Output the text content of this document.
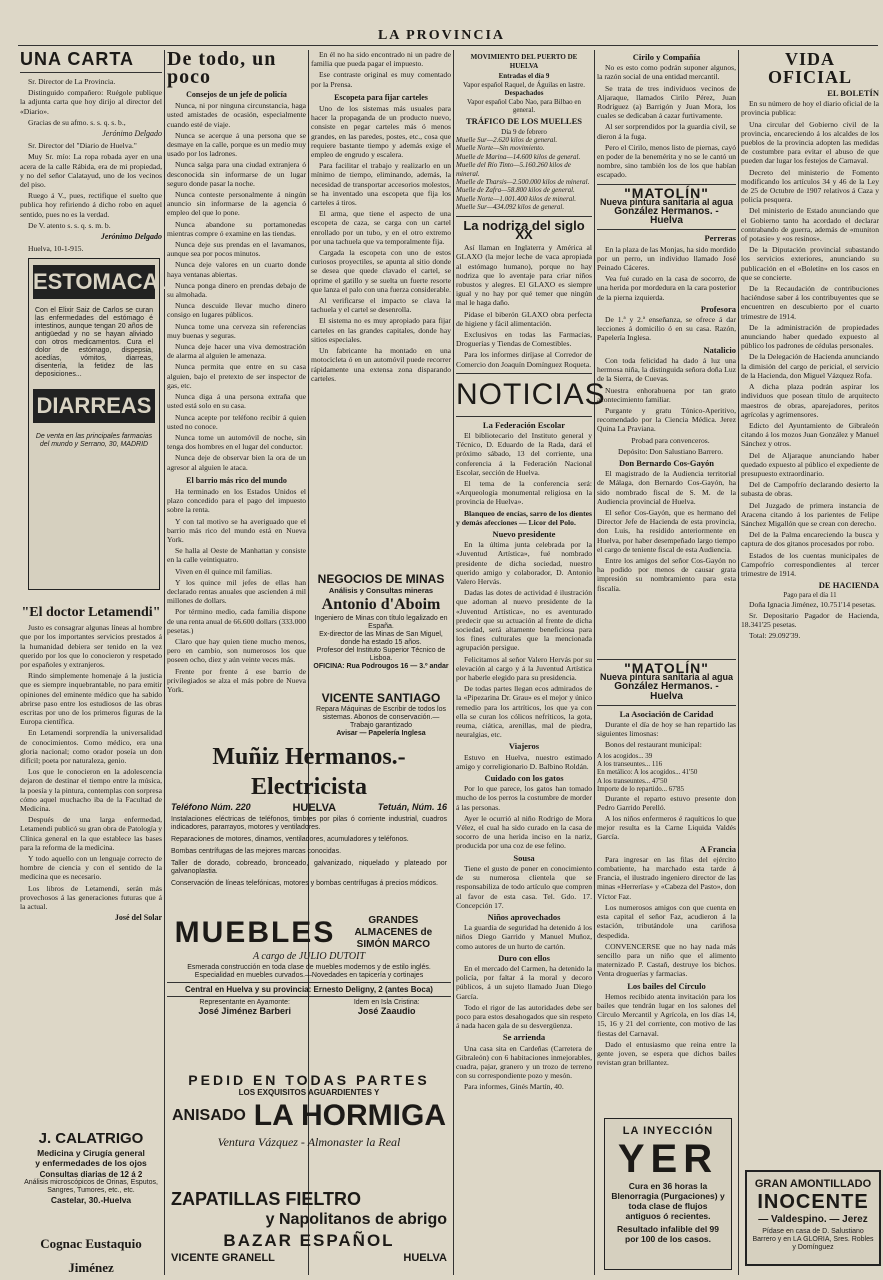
LA PROVINCIA
UNA CARTA

Sr. Director de La Provincia.

Distinguido compañero: Ruégole publique la adjunta carta que hoy dirijo al director del «Diario».

Gracias de su afmo. s. s. q. s. b.,

Jerónimo Delgado

Sr. Director del "Diario de Huelva."

Muy Sr. mío: La ropa robada ayer en una acera de la calle Rábida, era de mi propiedad, y no del señor Calatayud, uno de los vecinos del piso.

Ruego á V., pues, rectifique el suelto que publica hoy refiriendo á dicho robo en aquel sentido, pues no es la verdad.

De V. atento s. s. q. s. m. b.

Jerónimo Delgado

Huelva, 10-1-915.

ESTOMACAL
Con el Elixir Saiz de Carlos se curan las enfermedades del estómago é intestinos, aunque tengan 20 años de antigüedad y no se hayan aliviado con otros medicamentos. Cura el dolor de estómago, dispepsia, acedías, vómitos, diarreas, disentería, la fetidez de las deposiciones...
DIARREAS
De venta en las principales farmacias del mundo y Serrano, 30, MADRID
"El doctor Letamendi"

Justo es consagrar algunas líneas al hombre que por los importantes servicios prestados á la humanidad debiera ser tenido en la vez querido por los que lo conocieron y respetado por españoles y extranjeros.

Rindo simplemente homenaje á la justicia que es siempre inquebrantable, no para emitir opiniones del eminente médico que ha sabido abrirse paso entre los estudiosos de las obras escritas por uno de los primeros figuras de la Europa científica.

En Letamendi sorprendía la universalidad de conocimientos. Como médico, era una gloria nacional; como orador poseía un don difícil; poeta por naturaleza, genio.

Los que le conocieron en la adolescencia dejaron de destinar el tiempo entre la música, la poesía y la pintura, contemplas con sorpresa cómo aquel muchacho iba de la Facultad de Medicina.

Después de una larga enfermedad, Letamendi publicó su gran obra de Patología y Clínica general en la que establece las bases para la reforma de la medicina.

Y todo aquello con un lenguaje correcto de hombre de ciencia y con el sentido de la medicina que es necesario.

Los libros de Letamendi, serán más provechosos á las generaciones futuras que á la actual.

José del Solar
J. CALATRIGO
Medicina y Cirugía general
y enfermedades de los ojos
Consultas diarias de 12 á 2
Análisis microscópicos de Orinas, Esputos, Sangres, Tumores, etc., etc.
Castelar, 30.-Huelva
Cognac Eustaquio Jiménez
De todo, un poco
Consejos de un jefe de policía

Nunca, ni por ninguna circunstancia, haga usted amistades de ocasión, especialmente cuando esté de viaje.

Nunca se acerque á una persona que se desmaye en la calle, porque es un medio muy usado por los ladrones.

Nunca salga para una ciudad extranjera ó desconocida sin informarse de un lugar seguro donde pasar la noche.

Nunca conteste personalmente á ningún anuncio sin informarse de la agencia ó empleo del que lo pone.

Nunca abandone su portamonedas mientras compre ó examine en las tiendas.

Nunca deje sus prendas en el lavamanos, aunque sea por pocos minutos.

Nunca deje valores en un cuarto donde haya ventanas abiertas.

Nunca ponga dinero en prendas debajo de su almohada.

Nunca descuide llevar mucho dinero consigo en lugares públicos.

Nunca tome una cerveza sin referencias muy buenas y seguras.

Nunca deje hacer una viva demostración de alarma al alguien le amenaza.

Nunca permita que entre en su casa alguien, bajo el pretexto de ser inspector de gas, etc.

Nunca diga á una persona extraña que usted está solo en su casa.

Nunca acepte por teléfono recibir á quien usted no conoce.

Nunca tome un automóvil de noche, sin tenga dos hombres en el lugar del conductor.

Nunca deje de observar bien la ora de un agresor al alguien le ataca.

El barrio más rico del mundo

Ha terminado en los Estados Unidos el plazo concedido para el pago del impuesto sobre la renta.

Y con tal motivo se ha averiguado que el barrio más rico del mundo está en Nueva York.

Se halla al Oeste de Manhattan y consiste en la calle veintiquatro.

Viven en él quince mil familias.

Y los quince mil jefes de ellas han declarado rentas anuales que ascienden á mil millones de dollars.

Por término medio, cada familia dispone de una renta anual de 66.600 dollars (333.000 pesetas.)

Claro que hay quien tiene mucho menos, pero en cambio, son numerosos los que poseen ocho, diez y aún veinte veces más.

Frente por frente á ese barrio de privilegiados se alza el más pobre de Nueva York.

En él no ha sido encontrado ni un padre de familia que pueda pagar el impuesto.

Ese contraste original es muy comentado por la Prensa.

Escopeta para fijar carteles

Uno de los sistemas más usuales para hacer la propaganda de un producto nuevo, consiste en pegar carteles más ó menos grandes, en las paredes, postes, etc., cosa que requiere bastante tiempo y además exige el empleo de engrudo y escalera.

Para facilitar el trabajo y realizarlo en un mínimo de tiempo, eliminando, además, la necesidad de transportar accesorios molestos, se ha inventado una escopeta que fija los carteles á tiros.

El arma, que tiene el aspecto de una escopeta de caza, se carga con un cartel enrollado por un tubo, y en el otro extremo por una tachuela que va temporalmente fija.

Cargada la escopeta con uno de estos curiosos proyectiles, se apunta al sitio donde se desea que quede clavado el cartel, se oprime el gatillo y se suelta un fuerte resorte que lanza el palo con una fuerza considerable.

Al verificarse el impacto se clava la tachuela y el cartel se desenrolla.

El sistema no es muy apropiado para fijar carteles en las grandes capitales, donde hay sitios especiales.

Un fabricante ha montado en una motocicleta ó en un automóvil puede recorrer rápidamente una extensa zona disparando carteles.

NEGOCIOS DE MINAS
Análisis y Consultas mineras
Antonio d'Aboim
Ingeniero de Minas con título legalizado en España.
Ex-director de las Minas de San Miguel, donde ha estado 15 años.
Profesor del Instituto Superior Técnico de Lisboa.
OFICINA: Rua Podrougos 16 — 3.º andar
VICENTE SANTIAGO
Repara Máquinas de Escribir de todos los sistemas. Abonos de conservación.—Trabajo garantizado
Avisar — Papelería Inglesa
Muñiz Hermanos.-Electricista
Teléfono Núm. 220	HUELVA	Tetuán, Núm. 16
Instalaciones eléctricas de teléfonos, timbres por pilas ó corriente industrial, cuadros indicadores, pararrayos, motores y ventiladores.
Reparaciones de motores, dinamos, ventiladores, acumuladores y teléfonos.
Bombas centrífugas de las mejores marcas conocidas.
Taller de dorado, cobreado, bronceado, galvanizado, niquelado y plateado por galvanoplastia.
Conservación de líneas telefónicas, motores y bombas centrífugas á precios módicos.
MUEBLES	GRANDES ALMACENES de SIMÓN MARCO
A cargo de JULIO DUTOIT
Esmerada construcción en toda clase de muebles modernos y de estilo inglés. Especialidad en muebles curvados.—Novedades en tapicería y cortinajes
Central en Huelva y su provincia: Ernesto Deligny, 2 (antes Boca)
Representante en Ayamonte:
José Jiménez Barberi
Idem en Isla Cristina:
José Zaaudio
PEDID EN TODAS PARTES
LOS EXQUISITOS AGUARDIENTES Y
ANISADO LA HORMIGA
Ventura Vázquez - Almonaster la Real
ZAPATILLAS FIELTRO
y Napolitanos de abrigo
BAZAR ESPAÑOL
VICENTE GRANELL	HUELVA
MOVIMIENTO DEL PUERTO DE HUELVA
Entradas el día 9
Vapor español Raquel, de Águilas en lastre.
Despachados
Vapor español Cabo Nao, para Bilbao en general.
TRÁFICO DE LOS MUELLES
Día 9 de febrero
Muelle Sur—2.620 kilos de general.
Muelle Norte—Sin movimiento.
Muelle de Marina—14.600 kilos de general.
Muelle del Río Tinto—5.160.260 kilos de mineral.
Muelle de Tharsis—2.500.000 kilos de mineral.
Muelle de Zafra—58.800 kilos de general.
Muelle Norte—1.001.400 kilos de mineral.
Muelle Sur—434.092 kilos de general.
La nodriza del siglo XX

Así llaman en Inglaterra y América al GLAXO (la mejor leche de vaca apropiada al estómago humano), porque no hay nodriza que lo aventaje para criar niños robustos y alegres. El GLAXO es siempre igual y no hay por qué temer que ningún mal le haga daño.

Pídase el biberón GLAXO obra perfecta de higiene y fácil alimentación.

Exclusivos en todas las Farmacias, Droguerías y Tiendas de Comestibles.

Para los informes diríjase al Corredor de Comercio don Joaquín Domínguez Roqueta.

NOTICIAS
La Federación Escolar

El bibliotecario del Instituto general y Técnico, D. Eduardo de la Rada, dará el próximo sábado, 13 del corriente, una conferencia á la Federación Nacional Escolar, sección de Huelva.

El tema de la conferencia será: «Arqueología monumental religiosa en la provincia de Huelva».

Blanqueo de encías, sarro de los dientes y demás afecciones — Licor del Polo.

Nuevo presidente

En la última junta celebrada por la «Juventud Artística», fué nombrado presidente de dicha sociedad, nuestro querido amigo y colaborador, D. Antonio Valero Hervás.

Dadas las dotes de actividad é ilustración que adornan al nuevo presidente de la «Juventud Artística», no es aventurado predecir que su actuación al frente de dicha sociedad, será altamente beneficiosa para los fines culturales que la mencionada agrupación persigue.

Felicitamos al señor Valero Hervás por su elevación al cargo y á la Juventud Artística por haberle elegido para su presidencia.

De todas partes llegan ecos admirados de la «Pipezarina Dr. Grau» es el mejor y único remedio para los artríticos, los que ya con ella se curan los cólicos nefríticos, la gota, reuma, ciática, arenillas, mal de piedra, neuralgias, etc.

Viajeros

Estuvo en Huelva, nuestro estimado amigo y correligionario D. Balbino Roldán.

Cuidado con los gatos

Por lo que parece, los gatos han tomado mucho de los perros la costumbre de morder á las personas.

Ayer le ocurrió al niño Rodrigo de Mora Vélez, el cual ha sido curado en la casa de socorro de una herida inciso en la nariz, producida por una coz de ese felino.

Sousa

Tiene el gusto de poner en conocimiento de su numerosa clientela que se responsabiliza de todo artículo que compren al favor de esta casa. Tel. Gdo. 17. Concepción 17.

Niños aprovechados

La guardia de seguridad ha detenido á los niños Diego Garrido y Manuel Muñoz, como autores de un hurto de cartón.

Duro con ellos

En el mercado del Carmen, ha detenido la policía, por faltar á la moral y decoro públicos, á un sujeto llamado Juan Diego García.

Todo el rigor de las autoridades debe ser poco para estos desahogados que sin respeto á nada hacen gala de su desvergüenza.

Se arrienda

Una casa sita en Cardeñas (Carretera de Gibraleón) con 6 habitaciones inmejorables, cuadra, pajar, granero y un trozo de terreno con su correspondiente pozo y mesón.

Para informes, Ginés Martín, 40.

Cirilo y Compañía

No es esto como podrán suponer algunos, la razón social de una entidad mercantil.

Se trata de tres individuos vecinos de Aljaraque, llamados Cirilo Pérez, Juan Rodríguez (a) Barrigón y Juan Mora, los cuales se dedicaban á cazar furtivamente.

Al ser sorprendidos por la guardia civil, se dieron á la fuga.

Pero el Cirilo, menos listo de piernas, cayó en poder de la benemérita y no se le cantó un nombre, sino también los de los que habían escapado.

"MATOLÍN"
Nueva pintura sanitaria al agua
González Hermanos. - Huelva
Perreras

En la plaza de las Monjas, ha sido mordido por un perro, un individuo llamado José Peinado Cáceres.

Vea fué curado en la casa de socorro, de una herida por mordedura en la cara posterior de la pierna izquierda.

Profesora

De 1.ª y 2.ª enseñanza, se ofrece á dar lecciones á domicilio ó en su casa. Razón, Papelería Inglesa.

Natalicio

Con toda felicidad ha dado á luz una hermosa niña, la distinguida señora doña Luz de la Sierra, de Cuevas.

Nuestra enhorabuena por tan grato acontecimiento familiar.

Purgante y gratu Tónico-Aperitivo, recomendado por la Ciencia Médica. Jerez Quina La Praviana.

Probad para convenceros.

Depósito: Don Salustiano Barrero.

Don Bernardo Cos-Gayón

El magistrado de la Audiencia territorial de Málaga, don Bernardo Cos-Gayón, ha sido nombrado fiscal de S. M. de la Audiencia provincial de Huelva.

El señor Cos-Gayón, que es hermano del Director Jefe de Hacienda de esta provincia, don Luis, ha residido anteriormente en Huelva, por haber desempeñado largo tiempo el cargo de teniente fiscal de esta Audiencia.

Entre los amigos del señor Cos-Gayón no ha podido por menos de causar grata impresión su nombramiento para esta fiscalía.

"MATOLÍN"
Nueva pintura sanitaria al agua
González Hermanos. - Huelva
La Asociación de Caridad

Durante el día de hoy se han repartido las siguientes limosnas:

Bonos del restaurant municipal:

A los acogidos... 39
A los transeuntes... 116
En metálico: A los acogidos... 41'50
A los transeuntes... 47'50
Importe de lo repartido... 67'85

Durante el reparto estuvo presente don Pedro Garrido Perelló.

A los niños enfermeros é raquíticos lo que mejor resulta es la Carne Liquida Valdés García.

A Francia

Para ingresar en las filas del ejército combatiente, ha marchado esta tarde á Francia, el ilustrado ingeniero director de las minas «Herrerías» y «Cabeza del Pasto», don Víctor Faz.

Los numerosos amigos con que cuenta en esta capital el señor Faz, acudieron á la estación, tributándole una cariñosa despedida.

CONVENCERSE que no hay nada más sencillo para un niño que el alimento maternizado P. Castañ, destruye los bichos. Venta droguerías y farmacias.

Los bailes del Círculo

Hemos recibido atenta invitación para los bailes que tendrán lugar en los salones del Círculo Mercantil y Agrícola, en los días 14, 15, 16 y 21 del corriente, con motivo de las fiestas del Carnaval.

Dado el entusiasmo que reina entre la gente joven, se espera que dichos bailes revistan gran brillantez.

LA INYECCIÓN
YER
Cura en 36 horas la Blenorragia (Purgaciones) y toda clase de flujos antiguos ó recientes.
Resultado infalible del 99 por 100 de los casos.
VIDA OFICIAL
EL BOLETÍN

En su número de hoy el diario oficial de la provincia publica:

Una circular del Gobierno civil de la provincia, encareciendo á los alcaldes de los pueblos de la provincia adopten las medidas de costumbre para evitar el abuso de que pueden dar lugar los festejos de Carnaval.

Decreto del ministerio de Fomento modificando los artículos 34 y 46 de la Ley de 25 de Octubre de 1907 relativos á Caza y policía pesquera.

Del ministerio de Estado anunciando que el Gobierno tanto ha acordado el declarar contrabando de guerra, además de «muniton of potasie» y «os resinos».

De la Diputación provincial subastando los servicios exteriores, anunciando su publicación en el «Boletín» en los casos en que se concierte.

De la Recaudación de contribuciones haciéndose saber á los contribuyentes que se encuentren en descubierto por el cuarto trimestre de 1914.

De la administración de propiedades anunciando haber quedado expuesto al público los padrones de cédulas personales.

De la Delegación de Hacienda anunciando la dimisión del cargo de pericial, el servicio de la Hacienda, don Miguel Vázquez Rofa.

A dicha plaza podrán aspirar los individuos que posean título de arquitecto maestros de obras, aparejadores, peritos agrícolas y agrimensores.

Edicto del Ayuntamiento de Gibraleón citando á los mozos Juan González y Manuel Sánchez y otros.

Del de Aljaraque anunciando haber quedado expuesto al público el expediente de presupuesto extraordinario.

Del de Campofrío declarando desierto la subasta de obras.

Del Juzgado de primera instancia de Aracena citando á los parientes de Felipe Sánchez Migallón que se crean con derecho.

Del de la Palma encareciendo la busca y captura de dos gitanos procesados por robo.

Estados de los cuentas municipales de Campofrío correspondientes al tercer trimestre de 1914.

DE HACIENDA
Pago para el día 11

Doña Ignacia Jiménez, 10.751'14 pesetas.

Sr. Depositario Pagador de Hacienda, 18.341'25 pesetas.

Total: 29.092'39.

GRAN AMONTILLADO
INOCENTE
— Valdespino. — Jerez
Pídase en casa de D. Salustiano Barrero y en LA GLORIA, Sres. Robles y Domínguez
